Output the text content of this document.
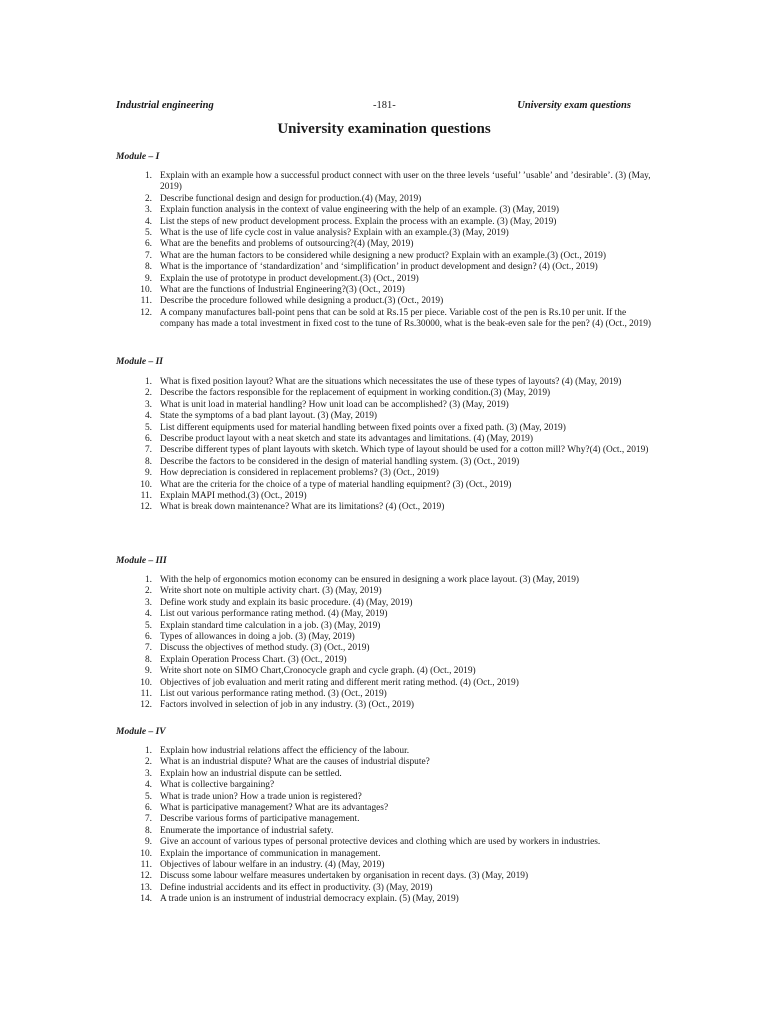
Industrial engineering	-181-	University exam questions
University examination questions
Module – I
1. Explain with an example how a successful product connect with user on the three levels ‘useful’ ’usable’ and ’desirable’. (3) (May, 2019)
2. Describe functional design and design for production.(4) (May, 2019)
3. Explain function analysis in the context of value engineering with the help of an example. (3) (May, 2019)
4. List the steps of new product development process. Explain the process with an example. (3) (May, 2019)
5. What is the use of life cycle cost in value analysis? Explain with an example.(3) (May, 2019)
6. What are the benefits and problems of outsourcing?(4) (May, 2019)
7. What are the human factors to be considered while designing a new product? Explain with an example.(3) (Oct., 2019)
8. What is the importance of ‘standardization’ and ‘simplification’ in product development and design? (4) (Oct., 2019)
9. Explain the use of prototype in product development.(3) (Oct., 2019)
10. What are the functions of Industrial Engineering?(3) (Oct., 2019)
11. Describe the procedure followed while designing a product.(3) (Oct., 2019)
12. A company manufactures ball-point pens that can be sold at Rs.15 per piece. Variable cost of the pen is Rs.10 per unit. If the company has made a total investment in fixed cost to the tune of Rs.30000, what is the beak-even sale for the pen? (4) (Oct., 2019)
Module – II
1. What is fixed position layout? What are the situations which necessitates the use of these types of layouts? (4) (May, 2019)
2. Describe the factors responsible for the replacement of equipment in working condition.(3) (May, 2019)
3. What is unit load in material handling? How unit load can be accomplished? (3) (May, 2019)
4. State the symptoms of a bad plant layout. (3) (May, 2019)
5. List different equipments used for material handling between fixed points over a fixed path. (3) (May, 2019)
6. Describe product layout with a neat sketch and state its advantages and limitations. (4) (May, 2019)
7. Describe different types of plant layouts with sketch. Which type of layout should be used for a cotton mill? Why?(4) (Oct., 2019)
8. Describe the factors to be considered in the design of material handling system. (3) (Oct., 2019)
9. How depreciation is considered in replacement problems? (3) (Oct., 2019)
10. What are the criteria for the choice of a type of material handling equipment? (3) (Oct., 2019)
11. Explain MAPI method.(3) (Oct., 2019)
12. What is break down maintenance? What are its limitations? (4) (Oct., 2019)
Module – III
1. With the help of ergonomics motion economy can be ensured in designing a work place layout. (3) (May, 2019)
2. Write short note on multiple activity chart. (3) (May, 2019)
3. Define work study and explain its basic procedure. (4) (May, 2019)
4. List out various performance rating method. (4) (May, 2019)
5. Explain standard time calculation in a job. (3) (May, 2019)
6. Types of allowances in doing a job. (3) (May, 2019)
7. Discuss the objectives of method study. (3) (Oct., 2019)
8. Explain Operation Process Chart. (3) (Oct., 2019)
9. Write short note on SIMO Chart,Cronocycle graph and cycle graph. (4) (Oct., 2019)
10. Objectives of job evaluation and merit rating and different merit rating method. (4) (Oct., 2019)
11. List out various performance rating method. (3) (Oct., 2019)
12. Factors involved in selection of job in any industry. (3) (Oct., 2019)
Module – IV
1. Explain how industrial relations affect the efficiency of the labour.
2. What is an industrial dispute? What are the causes of industrial dispute?
3. Explain how an industrial dispute can be settled.
4. What is collective bargaining?
5. What is trade union? How a trade union is registered?
6. What is participative management? What are its advantages?
7. Describe various forms of participative management.
8. Enumerate the importance of industrial safety.
9. Give an account of various types of personal protective devices and clothing which are used by workers in industries.
10. Explain the importance of communication in management.
11. Objectives of labour welfare in an industry. (4) (May, 2019)
12. Discuss some labour welfare measures undertaken by organisation in recent days. (3) (May, 2019)
13. Define industrial accidents and its effect in productivity. (3) (May, 2019)
14. A trade union is an instrument of industrial democracy explain. (5) (May, 2019)
